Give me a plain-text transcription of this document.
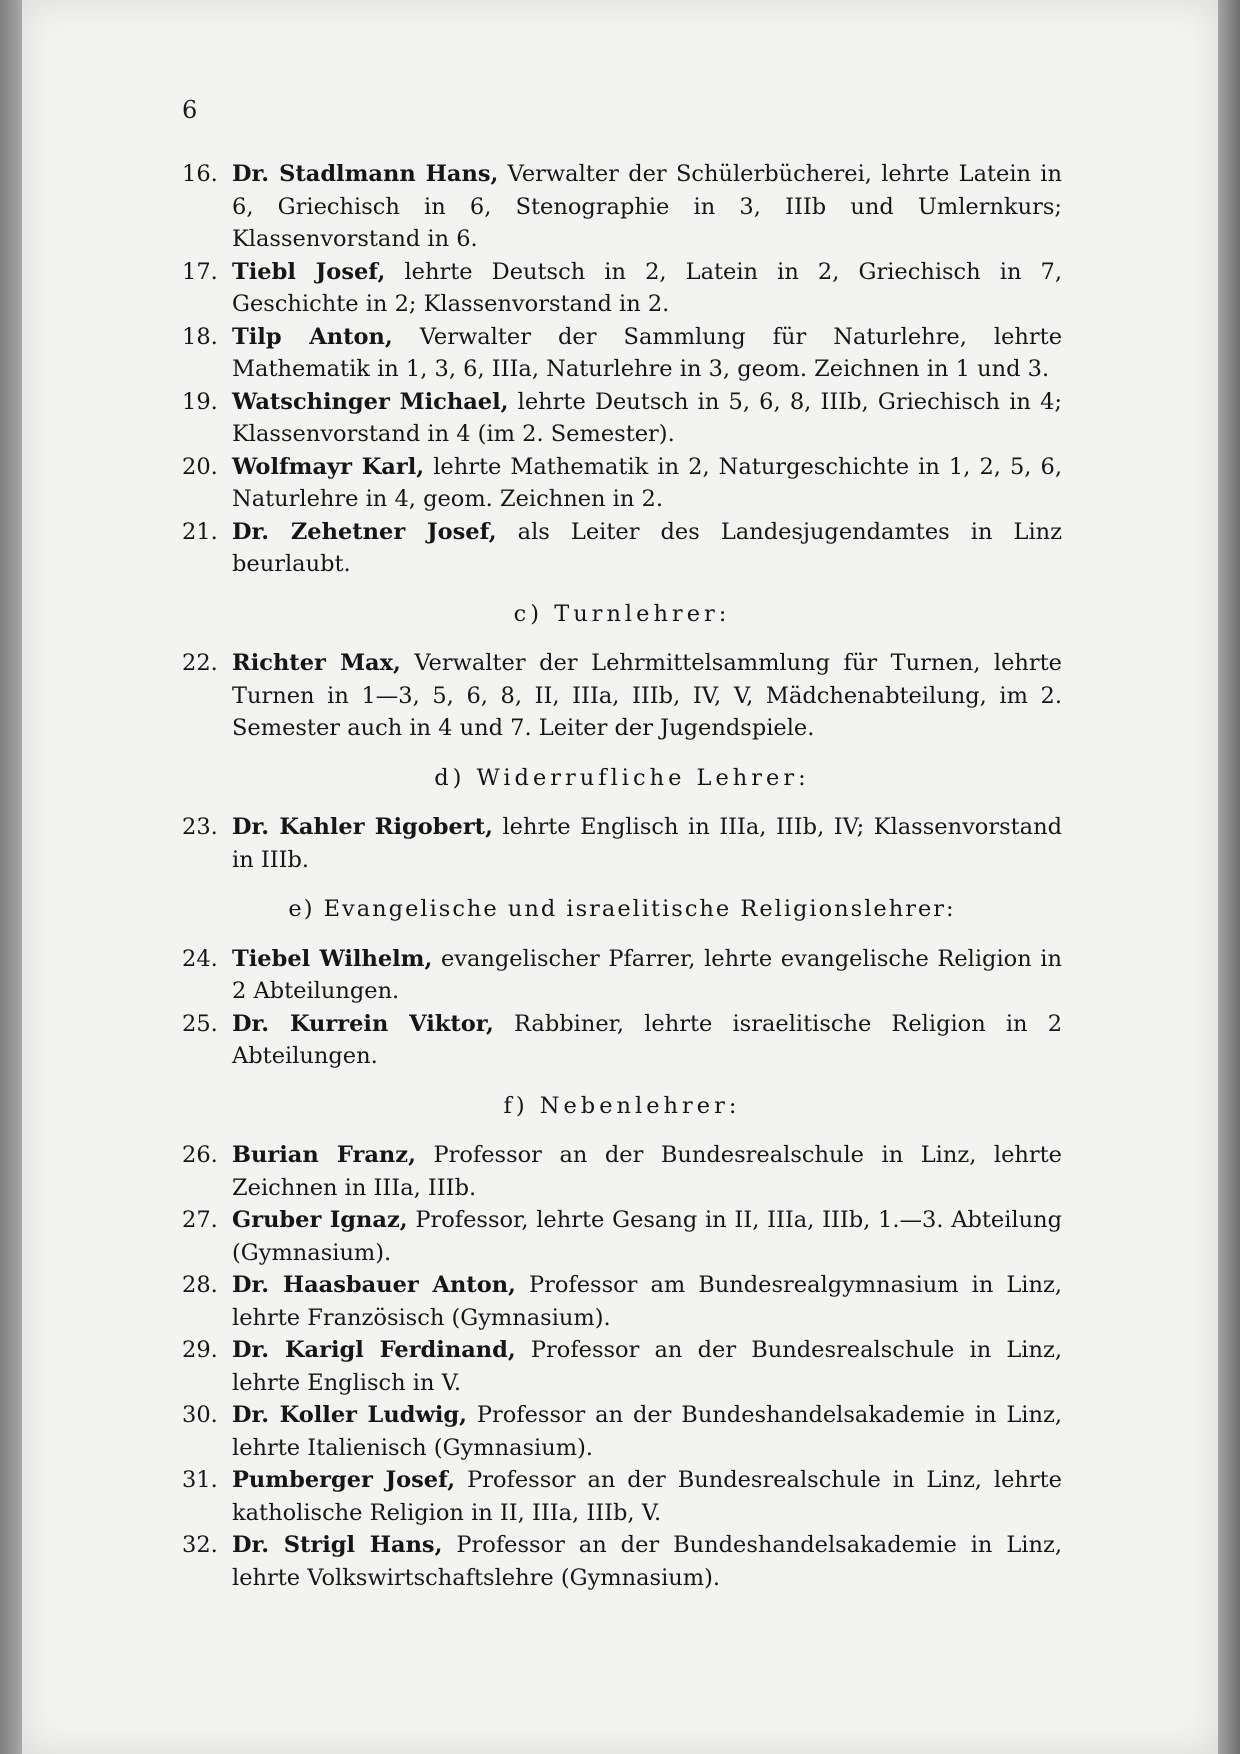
6
16. Dr. Stadlmann Hans, Verwalter der Schülerbücherei, lehrte Latein in 6, Griechisch in 6, Stenographie in 3, IIIb und Umlernkurs; Klassenvorstand in 6.

17. Tiebl Josef, lehrte Deutsch in 2, Latein in 2, Griechisch in 7, Geschichte in 2; Klassenvorstand in 2.

18. Tilp Anton, Verwalter der Sammlung für Naturlehre, lehrte Mathematik in 1, 3, 6, IIIa, Naturlehre in 3, geom. Zeichnen in 1 und 3.

19. Watschinger Michael, lehrte Deutsch in 5, 6, 8, IIIb, Griechisch in 4; Klassenvorstand in 4 (im 2. Semester).

20. Wolfmayr Karl, lehrte Mathematik in 2, Naturgeschichte in 1, 2, 5, 6, Naturlehre in 4, geom. Zeichnen in 2.

21. Dr. Zehetner Josef, als Leiter des Landesjugendamtes in Linz beurlaubt.

c) Turnlehrer:
22. Richter Max, Verwalter der Lehrmittelsammlung für Turnen, lehrte Turnen in 1—3, 5, 6, 8, II, IIIa, IIIb, IV, V, Mädchenabteilung, im 2. Semester auch in 4 und 7. Leiter der Jugendspiele.

d) Widerrufliche Lehrer:
23. Dr. Kahler Rigobert, lehrte Englisch in IIIa, IIIb, IV; Klassenvorstand in IIIb.

e) Evangelische und israelitische Religionslehrer:
24. Tiebel Wilhelm, evangelischer Pfarrer, lehrte evangelische Religion in 2 Abteilungen.

25. Dr. Kurrein Viktor, Rabbiner, lehrte israelitische Religion in 2 Abteilungen.

f) Nebenlehrer:
26. Burian Franz, Professor an der Bundesrealschule in Linz, lehrte Zeichnen in IIIa, IIIb.

27. Gruber Ignaz, Professor, lehrte Gesang in II, IIIa, IIIb, 1.—3. Abteilung (Gymnasium).

28. Dr. Haasbauer Anton, Professor am Bundesrealgymnasium in Linz, lehrte Französisch (Gymnasium).

29. Dr. Karigl Ferdinand, Professor an der Bundesrealschule in Linz, lehrte Englisch in V.

30. Dr. Koller Ludwig, Professor an der Bundeshandelsakademie in Linz, lehrte Italienisch (Gymnasium).

31. Pumberger Josef, Professor an der Bundesrealschule in Linz, lehrte katholische Religion in II, IIIa, IIIb, V.

32. Dr. Strigl Hans, Professor an der Bundeshandelsakademie in Linz, lehrte Volkswirtschaftslehre (Gymnasium).
